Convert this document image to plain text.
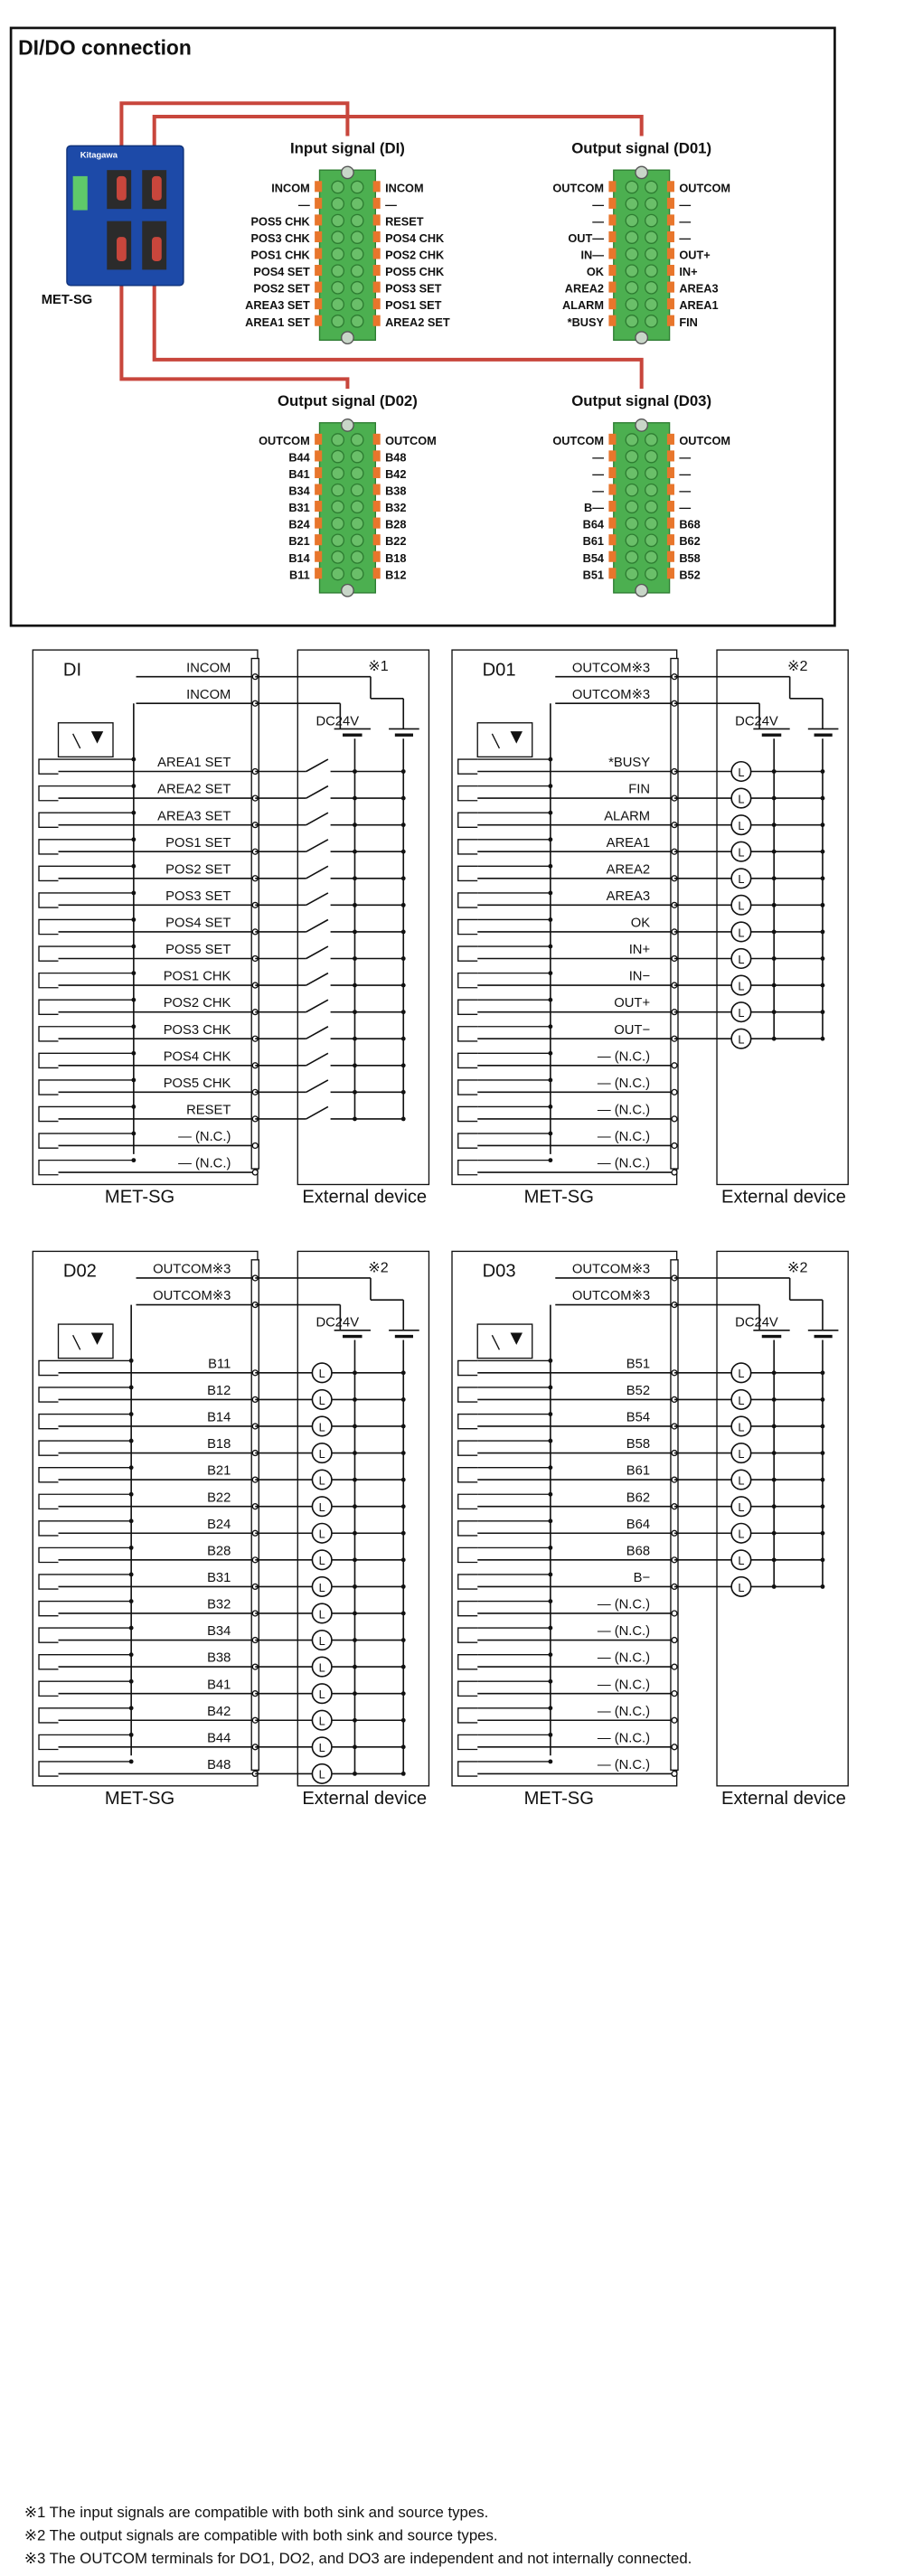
DI/DO connection
Kitagawa
MET-SG
Input signal (DI)
INCOM	INCOM
—	—
POS5 CHK	RESET
POS3 CHK	POS4 CHK
POS1 CHK	POS2 CHK
POS4 SET	POS5 CHK
POS2 SET	POS3 SET
AREA3 SET	POS1 SET
AREA1 SET	AREA2 SET
Output signal (D01)
OUTCOM	OUTCOM
—	—
—	—
OUT—	—
IN—	OUT+
OK	IN+
AREA2	AREA3
ALARM	AREA1
*BUSY	FIN
Output signal (D02)
OUTCOM	OUTCOM
B44	B48
B41	B42
B34	B38
B31	B32
B24	B28
B21	B22
B14	B18
B11	B12
Output signal (D03)
OUTCOM	OUTCOM
—	—
—	—
—	—
B—	—
B64	B68
B61	B62
B54	B58
B51	B52
DI	※1
DC24V
MET-SG	External device
INCOM
INCOM
AREA1 SET
AREA2 SET
AREA3 SET
POS1 SET
POS2 SET
POS3 SET
POS4 SET
POS5 SET
POS1 CHK
POS2 CHK
POS3 CHK
POS4 CHK
POS5 CHK
RESET
— (N.C.)
— (N.C.)
D01	※2
DC24V
MET-SG	External device
OUTCOM※3
OUTCOM※3
*BUSY
L
FIN
L
ALARM
L
AREA1
L
AREA2
L
AREA3
L
OK
L
IN+
L
IN−
L
OUT+
L
OUT−
L
— (N.C.)
— (N.C.)
— (N.C.)
— (N.C.)
— (N.C.)
D02	※2
DC24V
MET-SG	External device
OUTCOM※3
OUTCOM※3
B11
L
B12
L
B14
L
B18
L
B21
L
B22
L
B24
L
B28
L
B31
L
B32
L
B34
L
B38
L
B41
L
B42
L
B44
L
B48
L
D03	※2
DC24V
MET-SG	External device
OUTCOM※3
OUTCOM※3
B51
L
B52
L
B54
L
B58
L
B61
L
B62
L
B64
L
B68
L
B−
L
— (N.C.)
— (N.C.)
— (N.C.)
— (N.C.)
— (N.C.)
— (N.C.)
— (N.C.)
※1 The input signals are compatible with both sink and source types.
※2 The output signals are compatible with both sink and source types.
※3 The OUTCOM terminals for DO1, DO2, and DO3 are independent and not internally connected.
